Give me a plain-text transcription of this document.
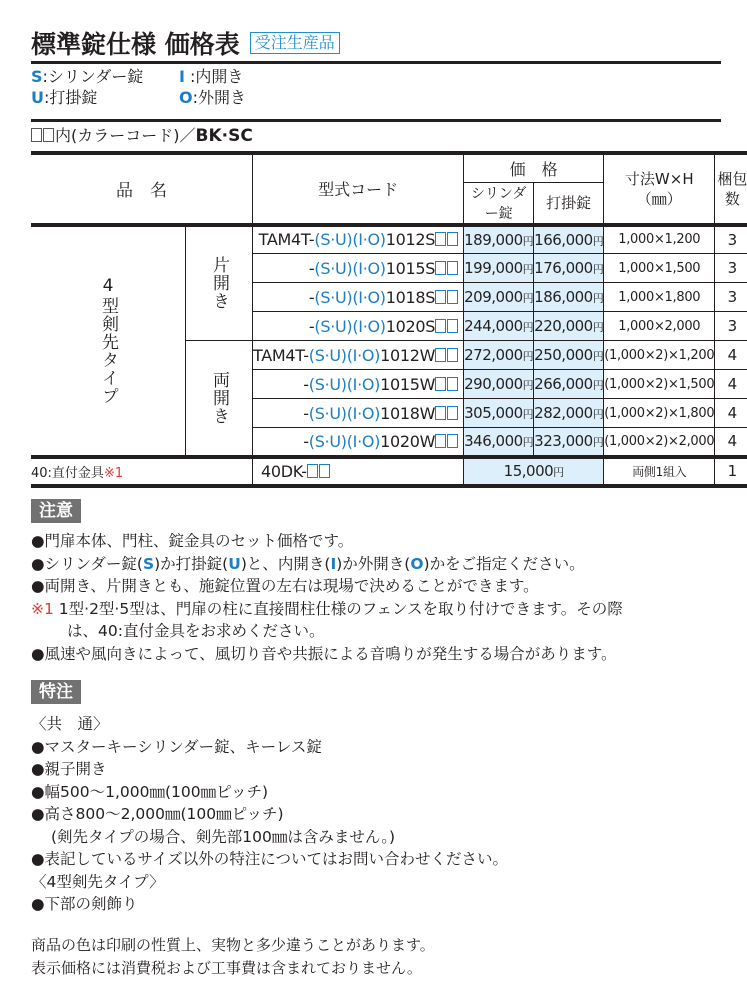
標準錠仕様 価格表 受注生産品
S:シリンダー錠	I :内開き
U:打掛錠	O:外開き
内(カラーコード)／BK·SC
品　名		型式コード	価　格		寸法W×H
（㎜）	梱包数

			シリンダー錠	打掛錠		

4型剣先タイプ	片開き	TAM4T-(S·U)(I·O)1012S	189,000円	166,000円	1,000×1,200	3
		-(S·U)(I·O)1015S	199,000円	176,000円	1,000×1,500	3
		-(S·U)(I·O)1018S	209,000円	186,000円	1,000×1,800	3
		-(S·U)(I·O)1020S	244,000円	220,000円	1,000×2,000	3

	両開き	TAM4T-(S·U)(I·O)1012W	272,000円	250,000円	(1,000×2)×1,200	4
		-(S·U)(I·O)1015W	290,000円	266,000円	(1,000×2)×1,500	4
		-(S·U)(I·O)1018W	305,000円	282,000円	(1,000×2)×1,800	4
		-(S·U)(I·O)1020W	346,000円	323,000円	(1,000×2)×2,000	4
40:直付金具※1		40DK-	15,000円		両側1組入	1
注意
●門扉本体、門柱、錠金具のセット価格です。
●シリンダー錠(S)か打掛錠(U)と、内開き(I)か外開き(O)かをご指定ください。
●両開き、片開きとも、施錠位置の左右は現場で決めることができます。
※1 1型·2型·5型は、門扉の柱に直接間柱仕様のフェンスを取り付けできます。その際
は、40:直付金具をお求めください。
●風速や風向きによって、風切り音や共振による音鳴りが発生する場合があります。
特注
〈共　通〉
●マスターキーシリンダー錠、キーレス錠
●親子開き
●幅500〜1,000㎜(100㎜ピッチ)
●高さ800〜2,000㎜(100㎜ピッチ)
(剣先タイプの場合、剣先部100㎜は含みません。)
●表記しているサイズ以外の特注についてはお問い合わせください。
〈4型剣先タイプ〉
●下部の剣飾り
商品の色は印刷の性質上、実物と多少違うことがあります。
表示価格には消費税および工事費は含まれておりません。
